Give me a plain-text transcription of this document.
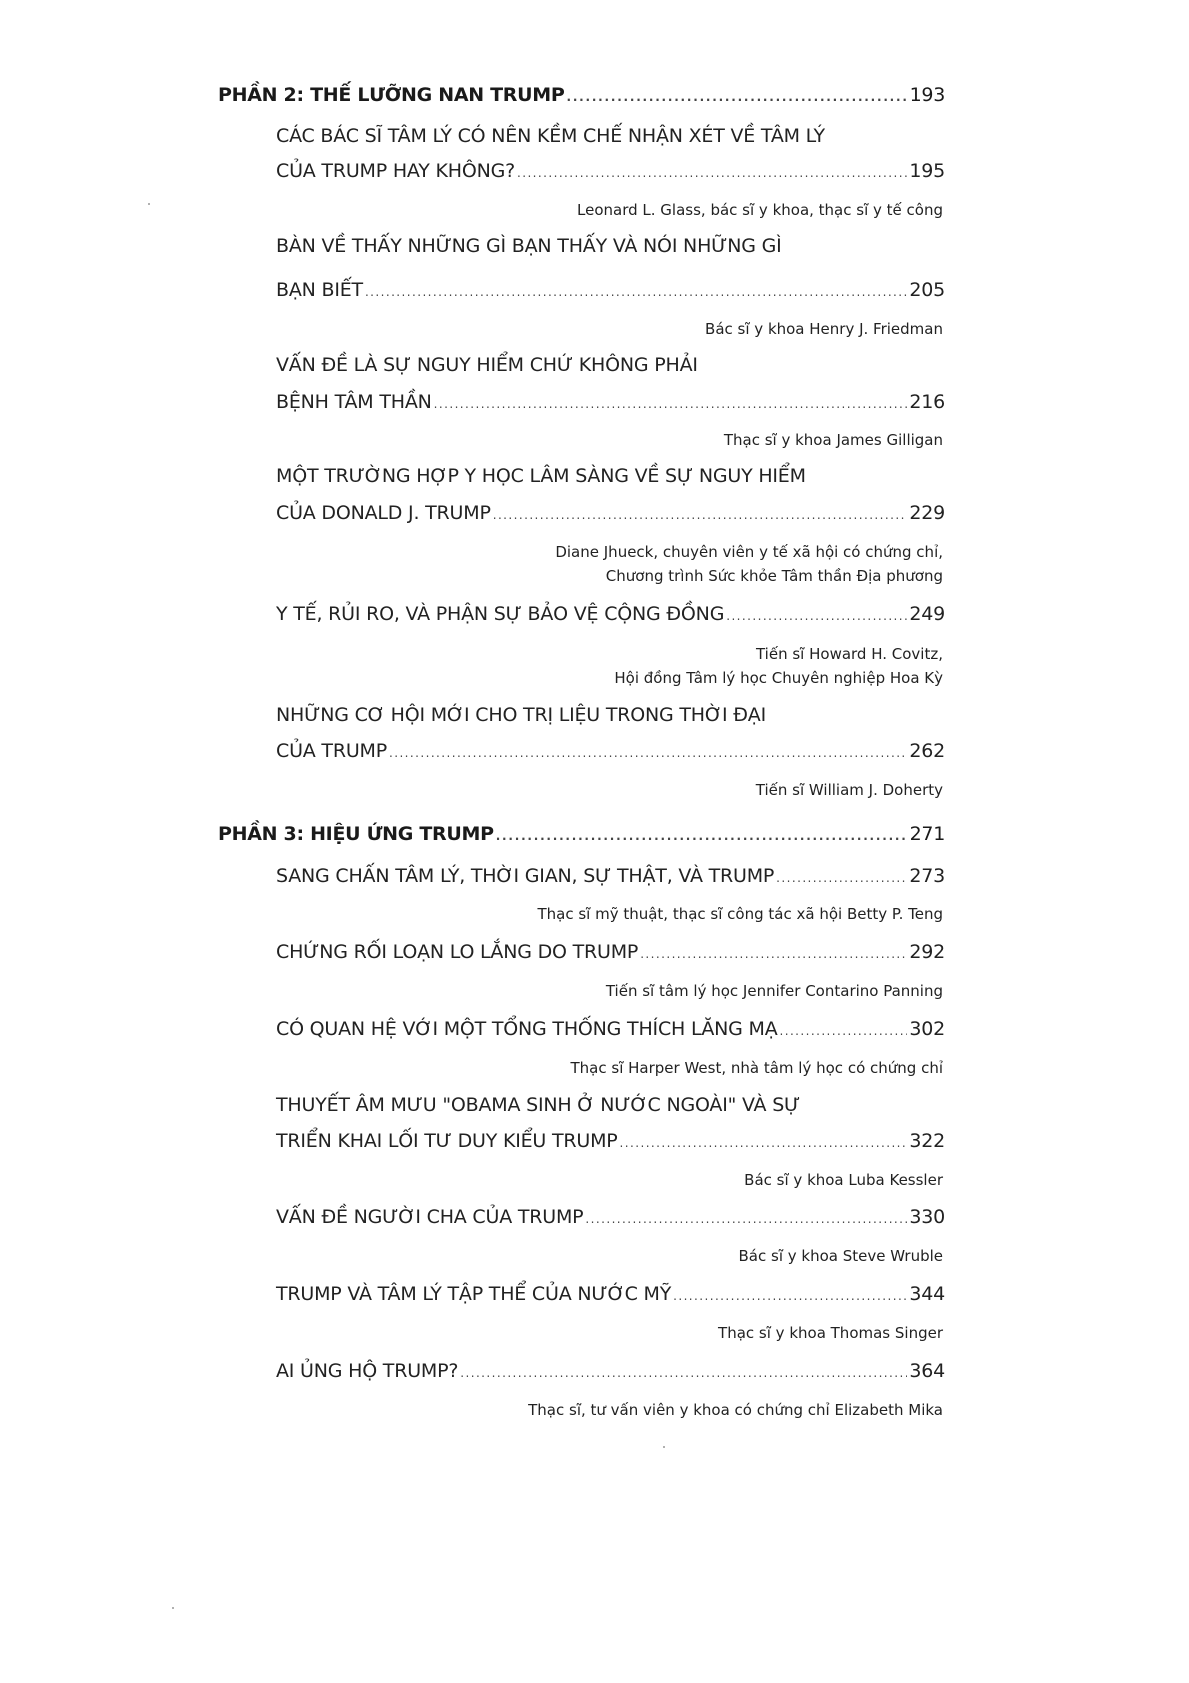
PHẦN 2: THẾ LƯỠNG NAN TRUMP . . .	193
CÁC BÁC SĨ TÂM LÝ CÓ NÊN KỀM CHẾ NHẬN XÉT VỀ TÂM LÝ
CỦA TRUMP HAY KHÔNG? . . .	195
Leonard L. Glass, bác sĩ y khoa, thạc sĩ y tế công
BÀN VỀ THẤY NHỮNG GÌ BẠN THẤY VÀ NÓI NHỮNG GÌ
BẠN BIẾT . . .	205
Bác sĩ y khoa Henry J. Friedman
VẤN ĐỀ LÀ SỰ NGUY HIỂM CHỨ KHÔNG PHẢI
BỆNH TÂM THẦN . . .	216
Thạc sĩ y khoa James Gilligan
MỘT TRƯỜNG HỢP Y HỌC LÂM SÀNG VỀ SỰ NGUY HIỂM
CỦA DONALD J. TRUMP . . .	229
Diane Jhueck, chuyên viên y tế xã hội có chứng chỉ,
Chương trình Sức khỏe Tâm thần Địa phương
Y TẾ, RỦI RO, VÀ PHẬN SỰ BẢO VỆ CỘNG ĐỒNG . . .	249
Tiến sĩ Howard H. Covitz,
Hội đồng Tâm lý học Chuyên nghiệp Hoa Kỳ
NHỮNG CƠ HỘI MỚI CHO TRỊ LIỆU TRONG THỜI ĐẠI
CỦA TRUMP . . .	262
Tiến sĩ William J. Doherty
PHẦN 3: HIỆU ỨNG TRUMP . . .	271
SANG CHẤN TÂM LÝ, THỜI GIAN, SỰ THẬT, VÀ TRUMP . . .	273
Thạc sĩ mỹ thuật, thạc sĩ công tác xã hội Betty P. Teng
CHỨNG RỐI LOẠN LO LẮNG DO TRUMP . . .	292
Tiến sĩ tâm lý học Jennifer Contarino Panning
CÓ QUAN HỆ VỚI MỘT TỔNG THỐNG THÍCH LĂNG MẠ . . .	302
Thạc sĩ Harper West, nhà tâm lý học có chứng chỉ
THUYẾT ÂM MƯU "OBAMA SINH Ở NƯỚC NGOÀI" VÀ SỰ
TRIỂN KHAI LỐI TƯ DUY KIỂU TRUMP . . .	322
Bác sĩ y khoa Luba Kessler
VẤN ĐỀ NGƯỜI CHA CỦA TRUMP . . .	330
Bác sĩ y khoa Steve Wruble
TRUMP VÀ TÂM LÝ TẬP THỂ CỦA NƯỚC MỸ . . .	344
Thạc sĩ y khoa Thomas Singer
AI ỦNG HỘ TRUMP? . . .	364
Thạc sĩ, tư vấn viên y khoa có chứng chỉ Elizabeth Mika
